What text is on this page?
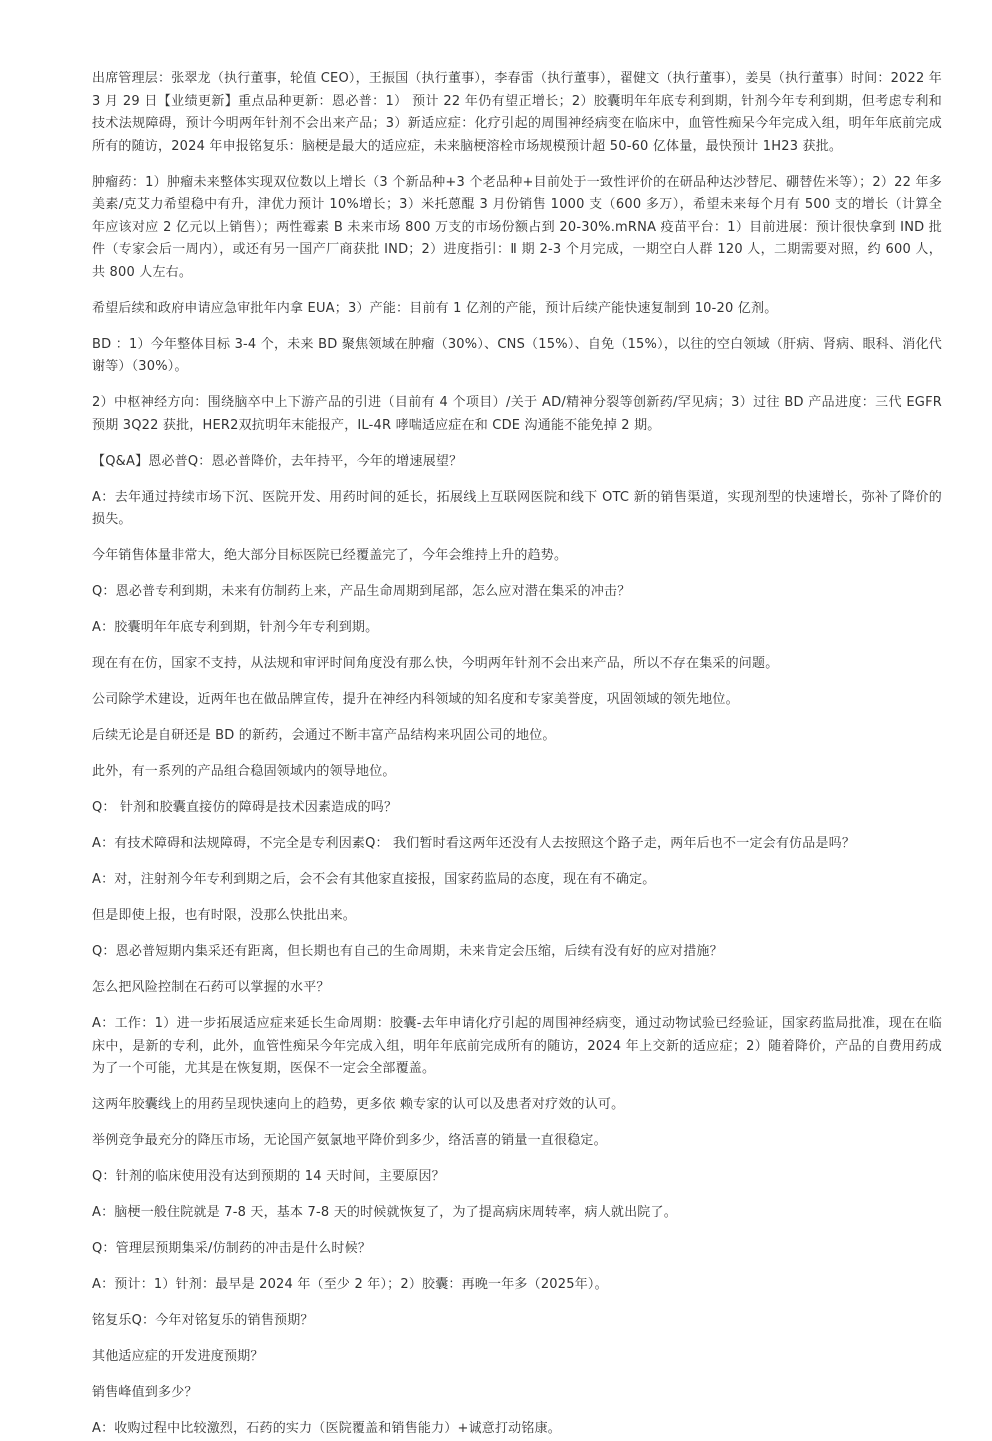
出席管理层：张翠龙（执行董事，轮值 CEO），王振国（执行董事），李春雷（执行董事），翟健文（执行董事），姜昊（执行董事）时间：2022 年 3 月 29 日【业绩更新】重点品种更新：恩必普：1） 预计 22 年仍有望正增长；2）胶囊明年年底专利到期，针剂今年专利到期，但考虑专利和技术法规障碍，预计今明两年针剂不会出来产品；3）新适应症：化疗引起的周围神经病变在临床中，血管性痴呆今年完成入组，明年年底前完成所有的随访，2024 年申报铭复乐：脑梗是最大的适应症，未来脑梗溶栓市场规模预计超 50-60 亿体量，最快预计 1H23 获批。

肿瘤药：1）肿瘤未来整体实现双位数以上增长（3 个新品种+3 个老品种+目前处于一致性评价的在研品种达沙替尼、硼替佐米等）；2）22 年多美素/克艾力希望稳中有升，津优力预计 10%增长；3）米托蒽醌 3 月份销售 1000 支（600 多万），希望未来每个月有 500 支的增长（计算全年应该对应 2 亿元以上销售）；两性霉素 B 未来市场 800 万支的市场份额占到 20-30%.mRNA 疫苗平台：1）目前进展：预计很快拿到 IND 批件（专家会后一周内），或还有另一国产厂商获批 IND；2）进度指引：Ⅱ 期 2-3 个月完成，一期空白人群 120 人，二期需要对照，约 600 人，共 800 人左右。

希望后续和政府申请应急审批年内拿 EUA；3）产能：目前有 1 亿剂的产能，预计后续产能快速复制到 10-20 亿剂。

BD ：1）今年整体目标 3-4 个，未来 BD 聚焦领域在肿瘤（30%）、CNS（15%）、自免（15%），以往的空白领域（肝病、肾病、眼科、消化代谢等）（30%）。

2）中枢神经方向：围绕脑卒中上下游产品的引进（目前有 4 个项目）/关于 AD/精神分裂等创新药/罕见病；3）过往 BD 产品进度：三代 EGFR 预期 3Q22 获批，HER2双抗明年末能报产，IL-4R 哮喘适应症在和 CDE 沟通能不能免掉 2 期。

【Q&A】恩必普Q：恩必普降价，去年持平，今年的增速展望？

A：去年通过持续市场下沉、医院开发、用药时间的延长，拓展线上互联网医院和线下 OTC 新的销售渠道，实现剂型的快速增长，弥补了降价的损失。

今年销售体量非常大，绝大部分目标医院已经覆盖完了，今年会维持上升的趋势。

Q：恩必普专利到期，未来有仿制药上来，产品生命周期到尾部，怎么应对潜在集采的冲击？

A：胶囊明年年底专利到期，针剂今年专利到期。

现在有在仿，国家不支持，从法规和审评时间角度没有那么快，今明两年针剂不会出来产品，所以不存在集采的问题。

公司除学术建设，近两年也在做品牌宣传，提升在神经内科领域的知名度和专家美誉度，巩固领域的领先地位。

后续无论是自研还是 BD 的新药，会通过不断丰富产品结构来巩固公司的地位。

此外，有一系列的产品组合稳固领域内的领导地位。

Q： 针剂和胶囊直接仿的障碍是技术因素造成的吗？

A：有技术障碍和法规障碍，不完全是专利因素Q： 我们暂时看这两年还没有人去按照这个路子走，两年后也不一定会有仿品是吗？

A：对，注射剂今年专利到期之后，会不会有其他家直接报，国家药监局的态度，现在有不确定。

但是即使上报，也有时限，没那么快批出来。

Q：恩必普短期内集采还有距离，但长期也有自己的生命周期，未来肯定会压缩，后续有没有好的应对措施？

怎么把风险控制在石药可以掌握的水平？

A：工作：1）进一步拓展适应症来延长生命周期：胶囊-去年申请化疗引起的周围神经病变，通过动物试验已经验证，国家药监局批准，现在在临床中，是新的专利，此外，血管性痴呆今年完成入组，明年年底前完成所有的随访，2024 年上交新的适应症；2）随着降价，产品的自费用药成为了一个可能，尤其是在恢复期，医保不一定会全部覆盖。

这两年胶囊线上的用药呈现快速向上的趋势，更多依 赖专家的认可以及患者对疗效的认可。

举例竞争最充分的降压市场，无论国产氨氯地平降价到多少，络活喜的销量一直很稳定。

Q：针剂的临床使用没有达到预期的 14 天时间，主要原因？

A：脑梗一般住院就是 7-8 天，基本 7-8 天的时候就恢复了，为了提高病床周转率，病人就出院了。

Q：管理层预期集采/仿制药的冲击是什么时候？

A：预计：1）针剂：最早是 2024 年（至少 2 年）；2）胶囊：再晚一年多（2025年）。

铭复乐Q：今年对铭复乐的销售预期？

其他适应症的开发进度预期？

销售峰值到多少？

A：收购过程中比较激烈，石药的实力（医院覆盖和销售能力）+诚意打动铭康。
